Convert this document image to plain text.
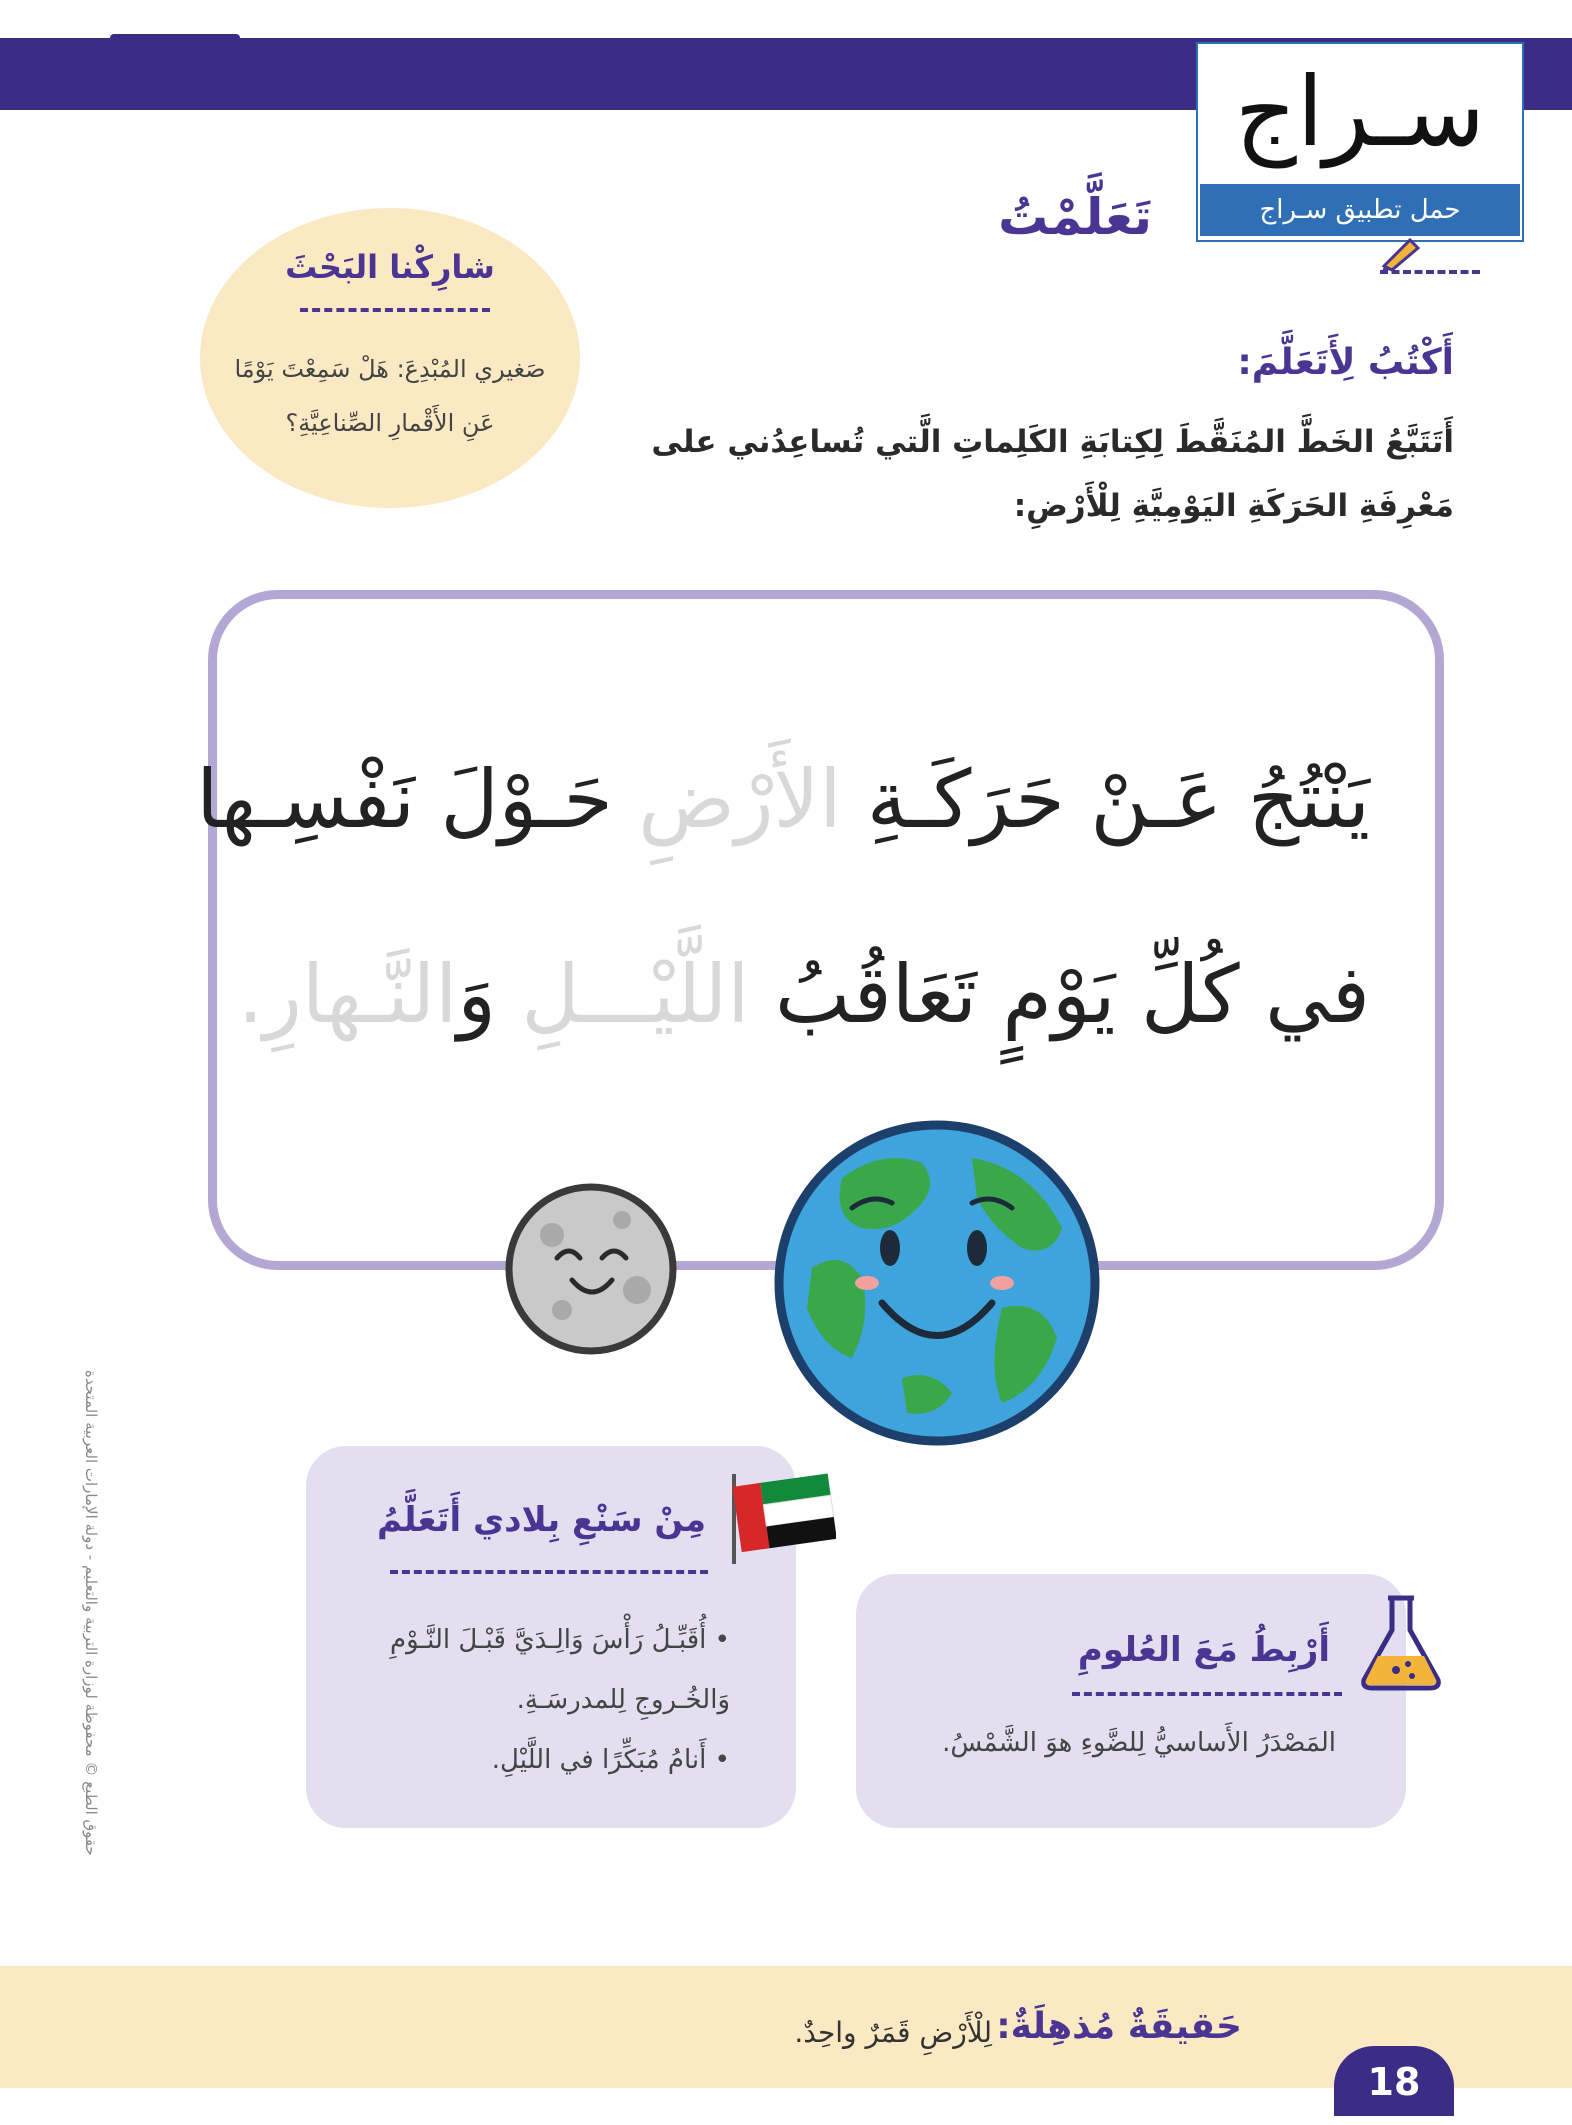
سـراج
حمل تطبيق سـراج
تَعَلَّمْتُ
شارِكْنا البَحْثَ
صَغيري المُبْدِعَ: هَلْ سَمِعْتَ يَوْمًا عَنِ الأَقْمارِ الصِّناعِيَّةِ؟
أَكْتُبُ لِأَتَعَلَّمَ:
أَتَتَبَّعُ الخَطَّ المُنَقَّطَ لِكِتابَةِ الكَلِماتِ الَّتي تُساعِدُني على مَعْرِفَةِ الحَرَكَةِ اليَوْمِيَّةِ لِلْأَرْضِ:
يَنْتُجُ عَـنْ حَرَكَـةِ الأَرْضِ حَـوْلَ نَفْسِـها
في كُلِّ يَوْمٍ تَعَاقُبُ اللَّيْـــلِ وَالنَّـهارِ.
حقوق الطبع © محفوظة لوزارة التربية والتعليم - دولة الإمارات العربية المتحدة	مِنْ سَنْعِ بِلادي أَتَعَلَّمُ
• أُقَبِّـلُ رَأْسَ وَالِـدَيَّ قَبْـلَ النَّـوْمِ
وَالخُـروجِ لِلمدرسَـةِ.
• أَنامُ مُبَكِّرًا في اللَّيْلِ.
أَرْبِطُ مَعَ العُلومِ
المَصْدَرُ الأَساسيُّ لِلضَّوءِ هوَ الشَّمْسُ.
حَقيقَةٌ مُذهِلَةٌ:
لِلْأَرْضِ قَمَرٌ واحِدٌ.
18
